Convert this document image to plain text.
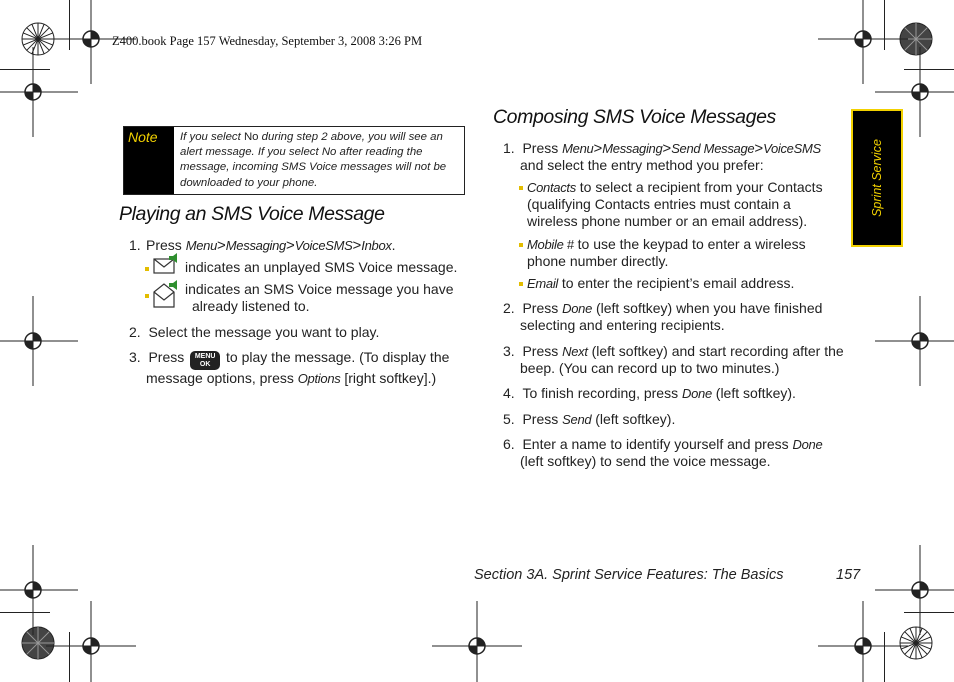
Z400.book Page 157 Wednesday, September 3, 2008 3:26 PM
Note	If you select No during step 2 above, you will see an
alert message. If you select No after reading the
message, incoming SMS Voice messages will not be
downloaded to your phone.
Playing an SMS Voice Message
1. Press Menu>Messaging>VoiceSMS>Inbox.
indicates an unplayed SMS Voice message.
indicates an SMS Voice message you have
already listened to.
2. Select the message you want to play.
3. Press	MENU
OK	to play the message. (To display the
message options, press Options [right softkey].)
Composing SMS Voice Messages
1. Press Menu>Messaging>Send Message>VoiceSMS
and select the entry method you prefer:
Contacts to select a recipient from your Contacts
(qualifying Contacts entries must contain a
wireless phone number or an email address).
Mobile # to use the keypad to enter a wireless
phone number directly.
Email to enter the recipient’s email address.
2. Press Done (left softkey) when you have finished
selecting and entering recipients.
3. Press Next (left softkey) and start recording after the
beep. (You can record up to two minutes.)
4. To finish recording, press Done (left softkey).
5. Press Send (left softkey).
6. Enter a name to identify yourself and press Done
(left softkey) to send the voice message.
Sprint Service
Section 3A. Sprint Service Features: The Basics	157
